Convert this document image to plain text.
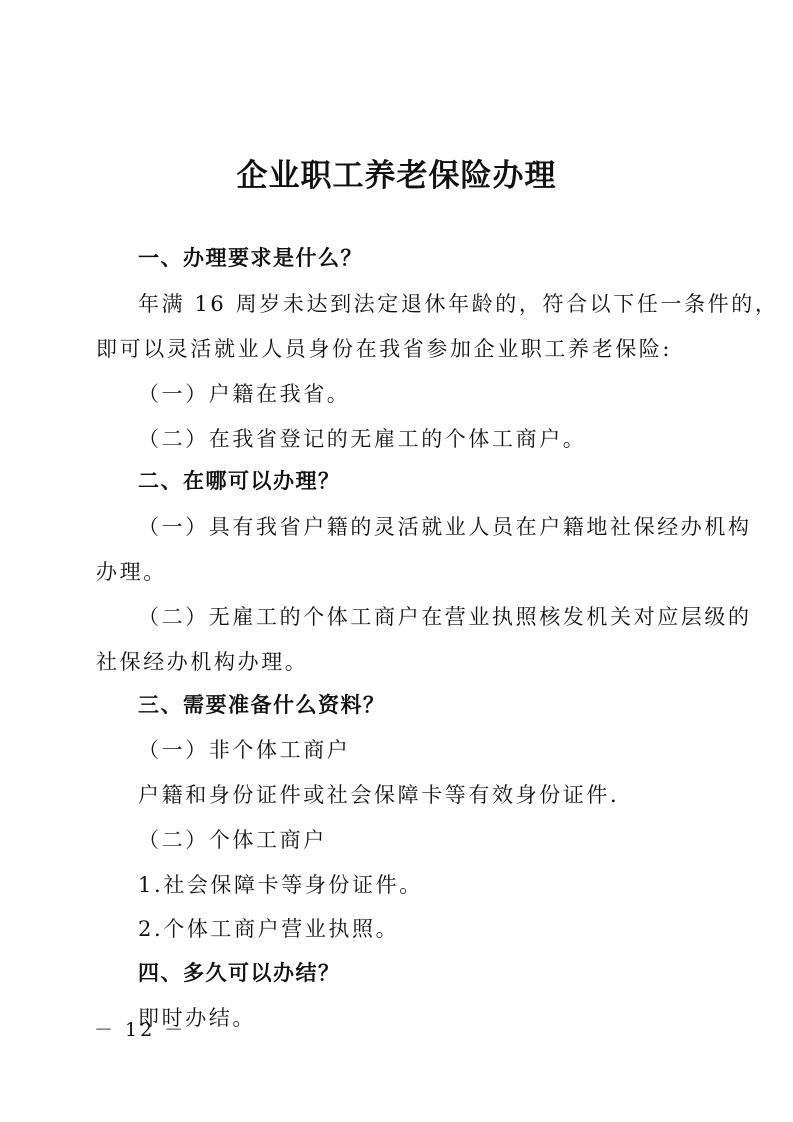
企业职工养老保险办理
一、办理要求是什么？
年满 16 周岁未达到法定退休年龄的，符合以下任一条件的，
即可以灵活就业人员身份在我省参加企业职工养老保险:
（一）户籍在我省。
（二）在我省登记的无雇工的个体工商户。
二、在哪可以办理？
（一）具有我省户籍的灵活就业人员在户籍地社保经办机构
办理。
（二）无雇工的个体工商户在营业执照核发机关对应层级的
社保经办机构办理。
三、需要准备什么资料？
（一）非个体工商户
户籍和身份证件或社会保障卡等有效身份证件.
（二）个体工商户
1.社会保障卡等身份证件。
2.个体工商户营业执照。
四、多久可以办结？
即时办结。
－ 12 －
